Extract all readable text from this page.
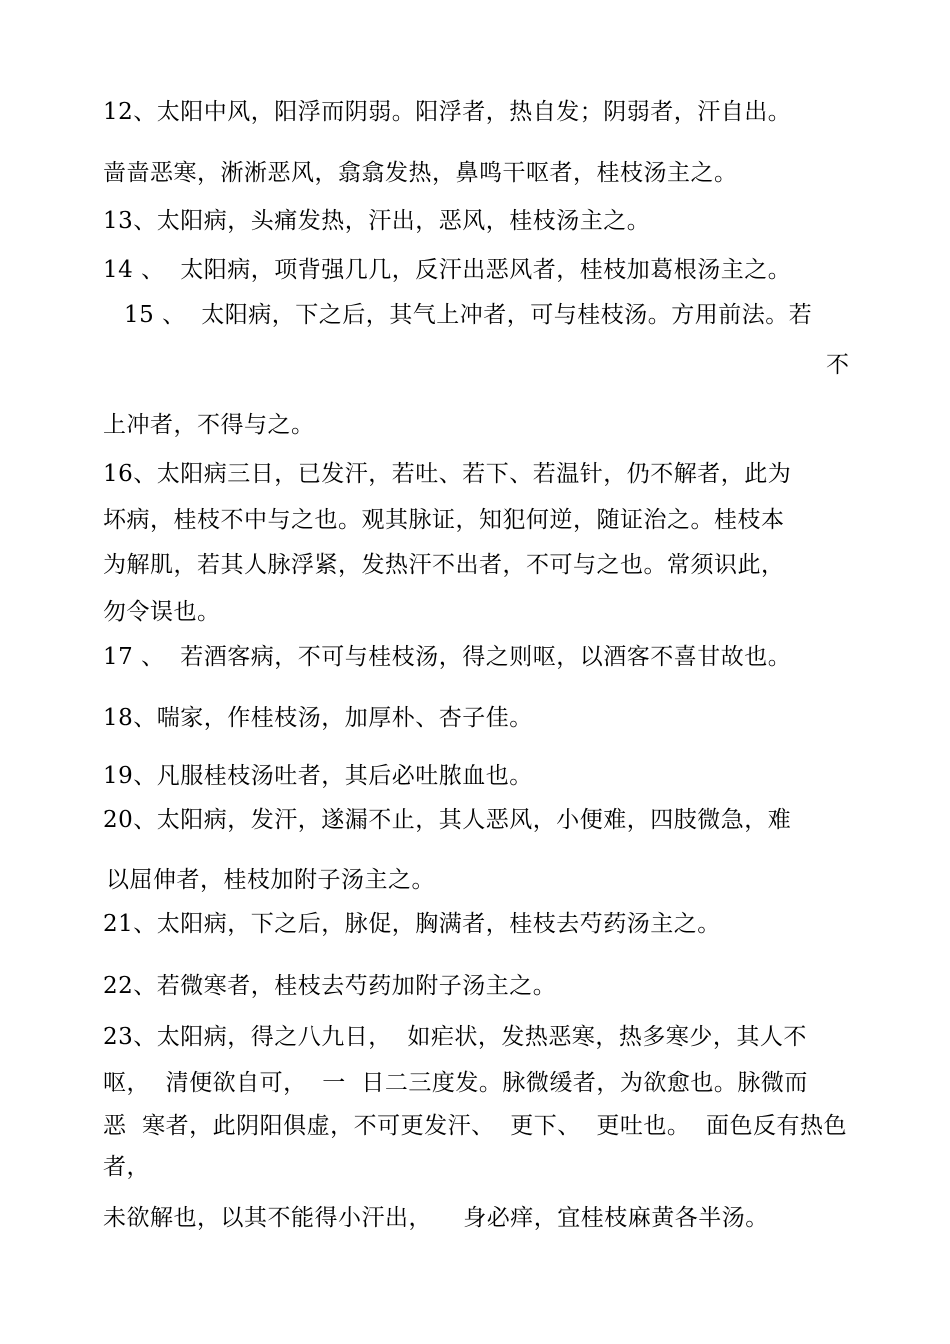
12、太阳中风，阳浮而阴弱。阳浮者，热自发；阴弱者，汗自出。
啬啬恶寒，淅淅恶风，翕翕发热，鼻鸣干呕者，桂枝汤主之。
13、太阳病，头痛发热，汗出，恶风，桂枝汤主之。
14 、  太阳病，项背强几几，反汗出恶风者，桂枝加葛根汤主之。
15 、  太阳病，下之后，其气上冲者，可与桂枝汤。方用前法。若
不
上冲者，不得与之。
16、太阳病三日，已发汗，若吐、若下、若温针，仍不解者，此为
坏病，桂枝不中与之也。观其脉证，知犯何逆，随证治之。桂枝本
为解肌，若其人脉浮紧，发热汗不出者，不可与之也。常须识此，
勿令误也。
17 、  若酒客病，不可与桂枝汤，得之则呕，以酒客不喜甘故也。
18、喘家，作桂枝汤，加厚朴、杏子佳。
19、凡服桂枝汤吐者，其后必吐脓血也。
20、太阳病，发汗，遂漏不止，其人恶风，小便难，四肢微急，难
以屈伸者，桂枝加附子汤主之。
21、太阳病，下之后，脉促，胸满者，桂枝去芍药汤主之。
22、若微寒者，桂枝去芍药加附子汤主之。
23、太阳病，得之八九日，  如疟状，发热恶寒，热多寒少，其人不
呕，  清便欲自可，  一  日二三度发。脉微缓者，为欲愈也。脉微而
恶  寒者，此阴阳俱虚，不可更发汗、  更下、  更吐也。  面色反有热色
者，
未欲解也，以其不能得小汗出，    身必痒，宜桂枝麻黄各半汤。
